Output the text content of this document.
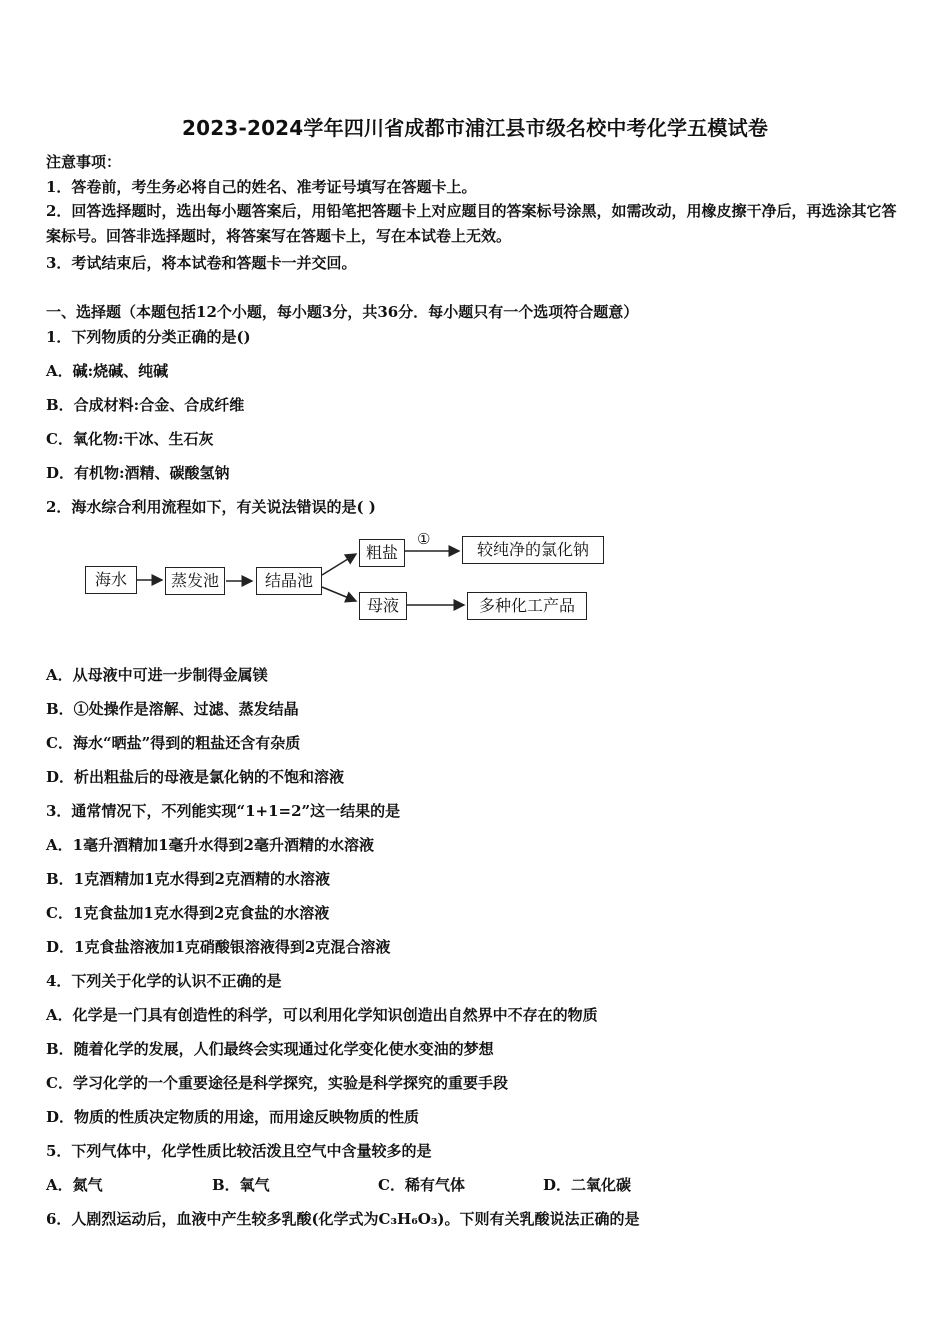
2023-2024学年四川省成都市浦江县市级名校中考化学五模试卷
注意事项：
1．答卷前，考生务必将自己的姓名、准考证号填写在答题卡上。
2．回答选择题时，选出每小题答案后，用铅笔把答题卡上对应题目的答案标号涂黑，如需改动，用橡皮擦干净后，再选涂其它答案标号。回答非选择题时，将答案写在答题卡上，写在本试卷上无效。
3．考试结束后，将本试卷和答题卡一并交回。
一、选择题（本题包括12个小题，每小题3分，共36分．每小题只有一个选项符合题意）
1．下列物质的分类正确的是()
A．碱:烧碱、纯碱
B．合成材料:合金、合成纤维
C．氧化物:干冰、生石灰
D．有机物:酒精、碳酸氢钠
2．海水综合利用流程如下，有关说法错误的是( )
海水	蒸发池	结晶池
粗盐
①
较纯净的氯化钠
母液	多种化工产品
A．从母液中可进一步制得金属镁
B．①处操作是溶解、过滤、蒸发结晶
C．海水“晒盐”得到的粗盐还含有杂质
D．析出粗盐后的母液是氯化钠的不饱和溶液
3．通常情况下，不列能实现“1+1=2”这一结果的是
A．1毫升酒精加1毫升水得到2毫升酒精的水溶液
B．1克酒精加1克水得到2克酒精的水溶液
C．1克食盐加1克水得到2克食盐的水溶液
D．1克食盐溶液加1克硝酸银溶液得到2克混合溶液
4．下列关于化学的认识不正确的是
A．化学是一门具有创造性的科学，可以利用化学知识创造出自然界中不存在的物质
B．随着化学的发展，人们最终会实现通过化学变化使水变油的梦想
C．学习化学的一个重要途径是科学探究，实验是科学探究的重要手段
D．物质的性质决定物质的用途，而用途反映物质的性质
5．下列气体中，化学性质比较活泼且空气中含量较多的是
A．氮气	B．氧气	C．稀有气体	D．二氧化碳
6．人剧烈运动后，血液中产生较多乳酸(化学式为C₃H₆O₃)。下则有关乳酸说法正确的是
